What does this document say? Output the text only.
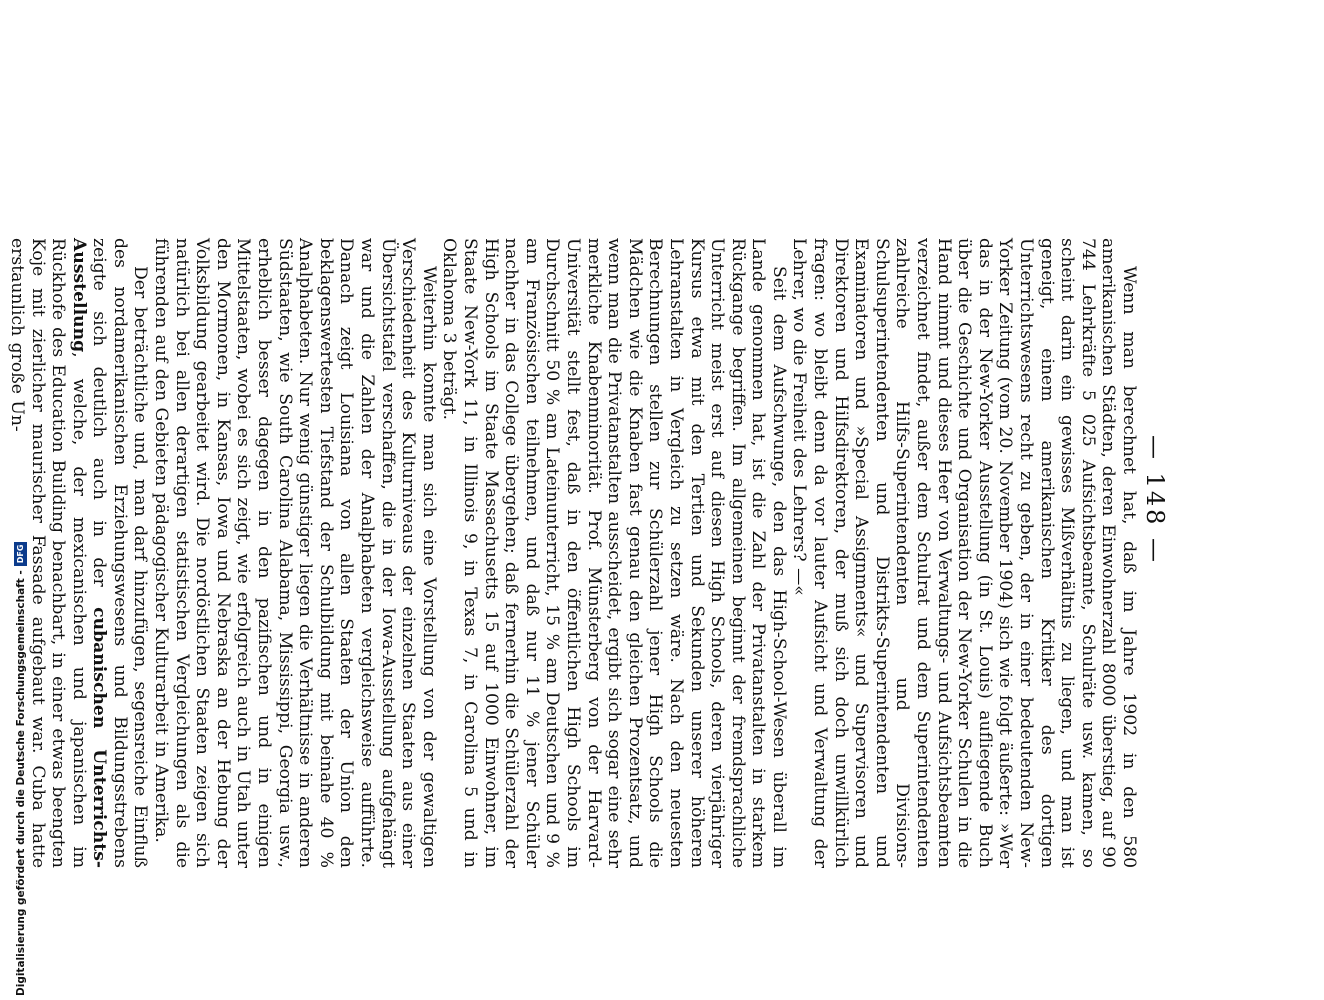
— 148 —

Wenn man berechnet hat, daß im Jahre 1902 in den 580 amerikanischen Städten, deren Einwohnerzahl 8000 überstieg, auf 90 744 Lehrkräfte 5 025 Aufsichtsbeamte, Schulräte usw. kamen, so scheint darin ein gewisses Mißverhältnis zu liegen, und man ist geneigt, einem amerikanischen Kritiker des dortigen Unterrichtswesens recht zu geben, der in einer bedeutenden New-Yorker Zeitung (vom 20. November 1904) sich wie folgt äußerte: »Wer das in der New-Yorker Ausstellung (in St. Louis) aufliegende Buch über die Geschichte und Organisation der New-Yorker Schulen in die Hand nimmt und dieses Heer von Verwaltungs- und Aufsichtsbeamten verzeichnet findet, außer dem Schulrat und dem Superintendenten zahlreiche Hilfs-Superintendenten und Divisions-Schulsuperintendenten und Distrikts-Superintendenten und Examinatoren und »Special Assignments« und Supervisoren und Direktoren und Hilfsdirektoren, der muß sich doch unwillkürlich fragen: wo bleibt denn da vor lauter Aufsicht und Verwaltung der Lehrer, wo die Freiheit des Lehrers? —«

Seit dem Aufschwunge, den das High-School-Wesen überall im Lande genommen hat, ist die Zahl der Privatanstalten in starkem Rückgange begriffen. Im allgemeinen beginnt der fremdsprachliche Unterricht meist erst auf diesen High Schools, deren vierjähriger Kursus etwa mit den Tertien und Sekunden unserer höheren Lehranstalten in Vergleich zu setzen wäre. Nach den neuesten Berechnungen stellen zur Schülerzahl jener High Schools die Mädchen wie die Knaben fast genau den gleichen Prozentsatz, und wenn man die Privatanstalten ausscheidet, ergibt sich sogar eine sehr merkliche Knabenminorität. Prof. Münsterberg von der Harvard-Universität stellt fest, daß in den öffentlichen High Schools im Durchschnitt 50 % am Lateinunterricht, 15 % am Deutschen und 9 % am Französischen teilnehmen, und daß nur 11 % jener Schüler nachher in das College übergehen; daß fernerhin die Schülerzahl der High Schools im Staate Massachusetts 15 auf 1000 Einwohner, im Staate New-York 11, in Illinois 9, in Texas 7, in Carolina 5 und in Oklahoma 3 beträgt.

Weiterhin konnte man sich eine Vorstellung von der gewaltigen Verschiedenheit des Kulturniveaus der einzelnen Staaten aus einer Übersichtstafel verschaffen, die in der Iowa-Ausstellung aufgehängt war und die Zahlen der Analphabeten vergleichsweise aufführte. Danach zeigt Louisiana von allen Staaten der Union den beklagenswertesten Tiefstand der Schulbildung mit beinahe 40 % Analphabeten. Nur wenig günstiger liegen die Verhältnisse in anderen Südstaaten, wie South Carolina Alabama, Mississippi, Georgia usw., erheblich besser dagegen in den pazifischen und in einigen Mittelstaaten, wobei es sich zeigt, wie erfolgreich auch in Utah unter den Mormonen, in Kansas, Iowa und Nebraska an der Hebung der Volksbildung gearbeitet wird. Die nordöstlichen Staaten zeigen sich natürlich bei allen derartigen statistischen Vergleichungen als die führenden auf den Gebieten pädagogischer Kulturarbeit in Amerika.

Der beträchtliche und, man darf hinzufügen, segensreiche Einfluß des nordamerikanischen Erziehungswesens und Bildungsstrebens zeigte sich deutlich auch in der cubanischen Unterrichts-Ausstellung, welche, der mexicanischen und japanischen im Rückhofe des Education Building benachbart, in einer etwas beengten Koje mit zierlicher maurischer Fassade aufgebaut war. Cuba hatte erstaunlich große Un-

Digitalisierung gefördert durch die Deutsche Forschungsgemeinschaft -
DFG
